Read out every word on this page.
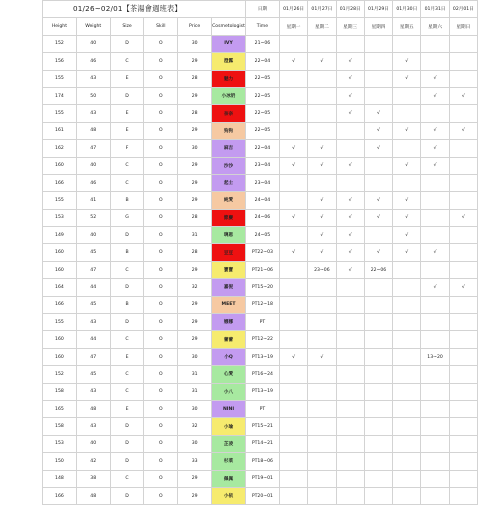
01/26~02/01【茶湯會週班表】						日期	01月26日	01月27日	01月28日	01月29日	01月30日	01月31日	02月01日
Height	Weight	Size	Skill	Price	Cosmetologist	Time	星期一	星期二	星期三	星期四	星期五	星期六	星期日
152	40	D	O	30	IVY	21~06							
156	46	C	O	29	澄露	22~04	√	√	√		√		
155	43	E	O	28	魅力	22~05			√		√	√	
174	50	D	O	29	小冰奶	22~05			√			√	√
155	43	E	O	28	奈奈	22~05			√	√			
161	48	E	O	29	狗狗	22~05				√	√	√	√
162	47	F	O	30	麻吉	22~04	√	√		√		√	
160	40	C	O	29	沙沙	23~04	√	√	√		√	√	
166	46	C	O	29	起士	23~04							
155	41	B	O	29	純愛	24~04		√	√	√	√		
153	52	G	O	28	節慶	24~06	√	√	√	√	√		√
149	40	D	O	31	璃恩	24~05		√	√		√		
160	45	B	O	28	豆豆	PT22~03	√	√	√	√	√	√	
160	47	C	O	29	寶寶	PT21~06		23~06	√	22~06			
164	44	D	O	32	嘉倪	PT15~20						√	√
166	45	B	O	29	MEET	PT12~18							
155	43	D	O	29	娜娜	PT							
160	44	C	O	29	蕾蕾	PT12~22							
160	47	E	O	30	小Q	PT13~19	√	√				13~20	
152	45	C	O	31	心愛	PT16~24							
158	43	C	O	31	小八	PT13~19							
165	48	E	O	30	NINI	PT							
158	43	D	O	32	小瑜	PT15~21							
153	40	D	O	30	芷凌	PT14~21							
150	42	D	O	33	杉菜	PT18~06							
148	38	C	O	29	佩佩	PT19~01							
166	48	D	O	29	小依	PT20~01							
